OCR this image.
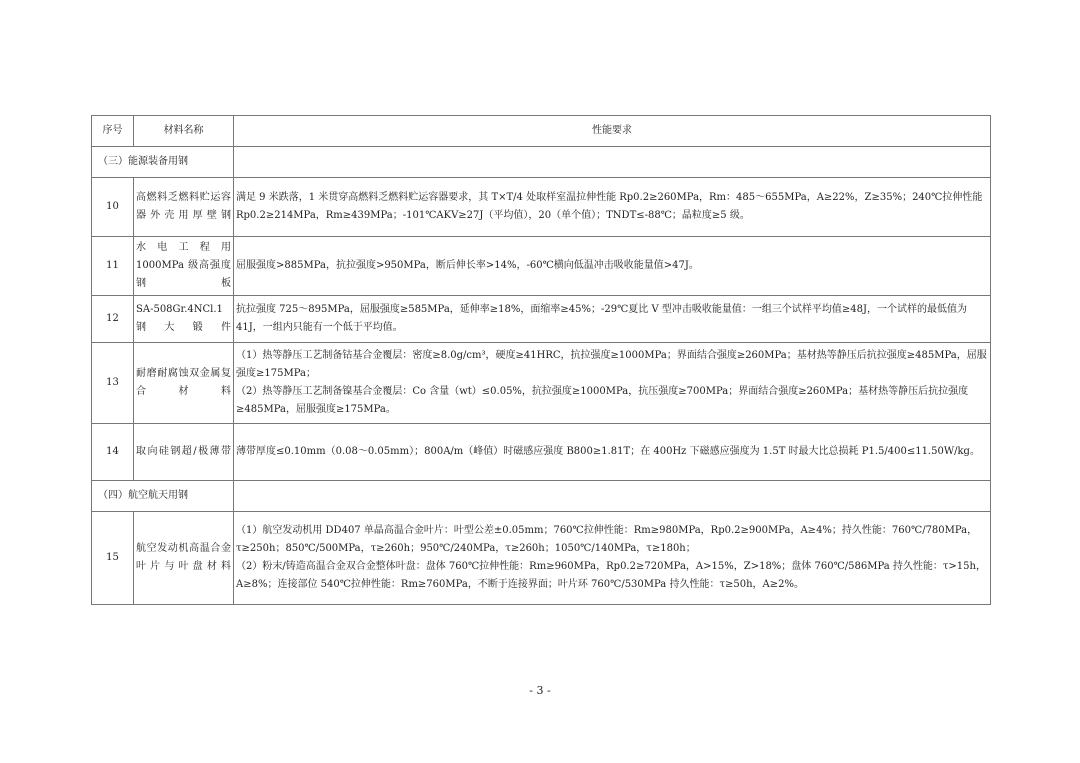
序号	材料名称	性能要求

（三）能源装备用钢		

10	高燃料乏燃料贮运容器外壳用厚壁钢	满足 9 米跌落，1 米贯穿高燃料乏燃料贮运容器要求，其 T×T/4 处取样室温拉伸性能 Rp0.2≥260MPa，Rm：485～655MPa，A≥22%，Z≥35%；240℃拉伸性能 Rp0.2≥214MPa，Rm≥439MPa；-101℃AKV≥27J（平均值），20（单个值）；TNDT≤-88℃；晶粒度≥5 级。
11	水电工程用1000MPa 级高强度钢板	屈服强度>885MPa，抗拉强度>950MPa，断后伸长率>14%，-60℃横向低温冲击吸收能量值>47J。
12	SA-508Gr.4NCl.1 钢大锻件	抗拉强度 725～895MPa，屈服强度≥585MPa，延伸率≥18%，面缩率≥45%；-29℃夏比 V 型冲击吸收能量值：一组三个试样平均值≥48J，一个试样的最低值为 41J，一组内只能有一个低于平均值。
13	耐磨耐腐蚀双金属复合材料	（1）热等静压工艺制备钴基合金覆层：密度≥8.0g/cm³，硬度≥41HRC，抗拉强度≥1000MPa；界面结合强度≥260MPa；基材热等静压后抗拉强度≥485MPa，屈服强度≥175MPa；
（2）热等静压工艺制备镍基合金覆层：Co 含量（wt）≤0.05%，抗拉强度≥1000MPa，抗压强度≥700MPa；界面结合强度≥260MPa；基材热等静压后抗拉强度≥485MPa，屈服强度≥175MPa。

14	取向硅钢超/极薄带	薄带厚度≤0.10mm（0.08～0.05mm）；800A/m（峰值）时磁感应强度 B800≥1.81T；在 400Hz 下磁感应强度为 1.5T 时最大比总损耗 P1.5/400≤11.50W/kg。

（四）航空航天用钢		

15	航空发动机高温合金叶片与叶盘材料	（1）航空发动机用 DD407 单晶高温合金叶片：叶型公差±0.05mm；760℃拉伸性能：Rm≥980MPa，Rp0.2≥900MPa，A≥4%；持久性能：760℃/780MPa，τ≥250h；850℃/500MPa，τ≥260h；950℃/240MPa，τ≥260h；1050℃/140MPa，τ≥180h；
（2）粉末/铸造高温合金双合金整体叶盘：盘体 760℃拉伸性能：Rm≥960MPa，Rp0.2≥720MPa，A>15%，Z>18%；盘体 760℃/586MPa 持久性能：τ>15h，A≥8%；连接部位 540℃拉伸性能：Rm≥760MPa，不断于连接界面；叶片环 760℃/530MPa 持久性能：τ≥50h，A≥2%。
- 3 -
